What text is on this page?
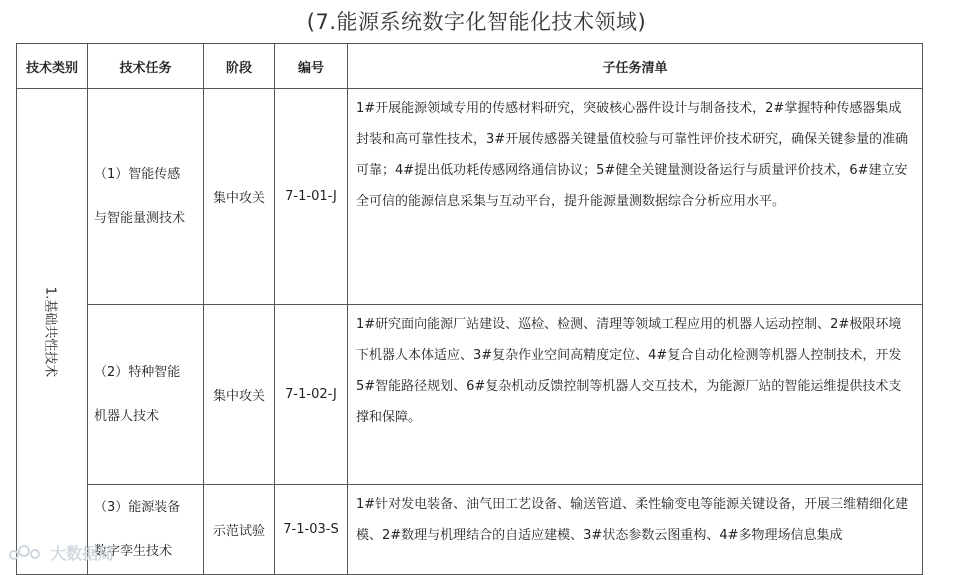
(7.能源系统数字化智能化技术领域)
技术类别	技术任务	阶段	编号	子任务清单

1.基础共性技术	（1）智能传感与智能量测技术	集中攻关	7-1-01-J	1#开展能源领域专用的传感材料研究，突破核心器件设计与制备技术，2#掌握特种传感器集成封装和高可靠性技术，3#开展传感器关键量值校验与可靠性评价技术研究，确保关键参量的准确可靠；4#提出低功耗传感网络通信协议；5#健全关键量测设备运行与质量评价技术，6#建立安全可信的能源信息采集与互动平台，提升能源量测数据综合分析应用水平。
	（2）特种智能机器人技术	集中攻关	7-1-02-J	1#研究面向能源厂站建设、巡检、检测、清理等领域工程应用的机器人运动控制、2#极限环境下机器人本体适应、3#复杂作业空间高精度定位、4#复合自动化检测等机器人控制技术，开发 5#智能路径规划、6#复杂机动反馈控制等机器人交互技术，为能源厂站的智能运维提供技术支撑和保障。
	（3）能源装备数字孪生技术	示范试验	7-1-03-S	1#针对发电装备、油气田工艺设备、输送管道、柔性输变电等能源关键设备，开展三维精细化建模、2#数理与机理结合的自适应建模、3#状态参数云图重构、4#多物理场信息集成
大数据局
